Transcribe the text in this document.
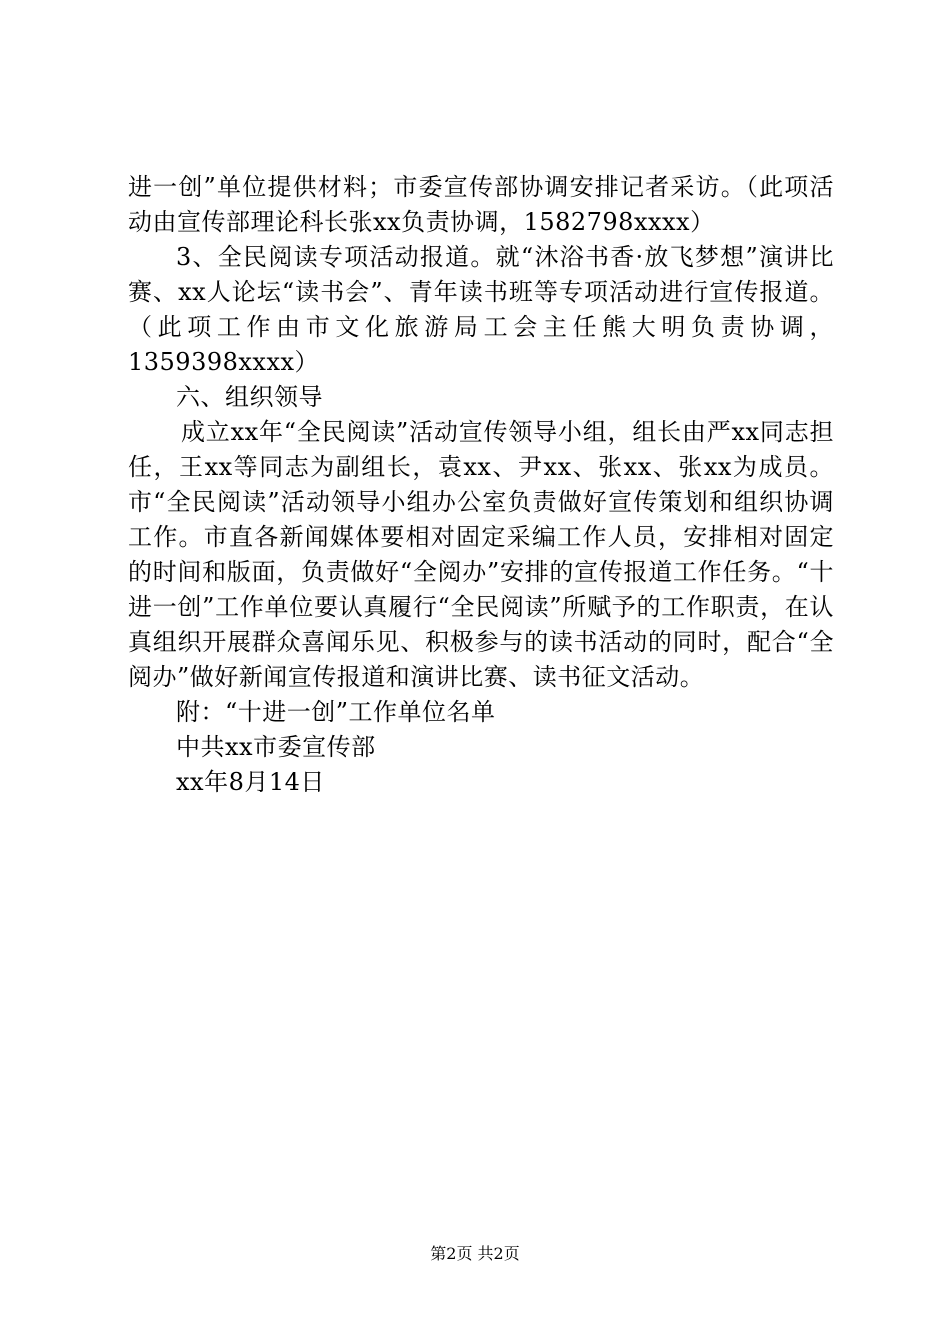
进一创”单位提供材料；市委宣传部协调安排记者采访。（此项活动由宣传部理论科长张xx负责协调，1582798xxxx）

3、全民阅读专项活动报道。就“沐浴书香·放飞梦想”演讲比赛、xx人论坛“读书会”、青年读书班等专项活动进行宣传报道。（此项工作由市文化旅游局工会主任熊大明负责协调，1359398xxxx）

六、组织领导

成立xx年“全民阅读”活动宣传领导小组，组长由严xx同志担任，王xx等同志为副组长，袁xx、尹xx、张xx、张xx为成员。市“全民阅读”活动领导小组办公室负责做好宣传策划和组织协调工作。市直各新闻媒体要相对固定采编工作人员，安排相对固定的时间和版面，负责做好“全阅办”安排的宣传报道工作任务。“十进一创”工作单位要认真履行“全民阅读”所赋予的工作职责，在认真组织开展群众喜闻乐见、积极参与的读书活动的同时，配合“全阅办”做好新闻宣传报道和演讲比赛、读书征文活动。

附：“十进一创”工作单位名单

中共xx市委宣传部

xx年8月14日

第2页 共2页
